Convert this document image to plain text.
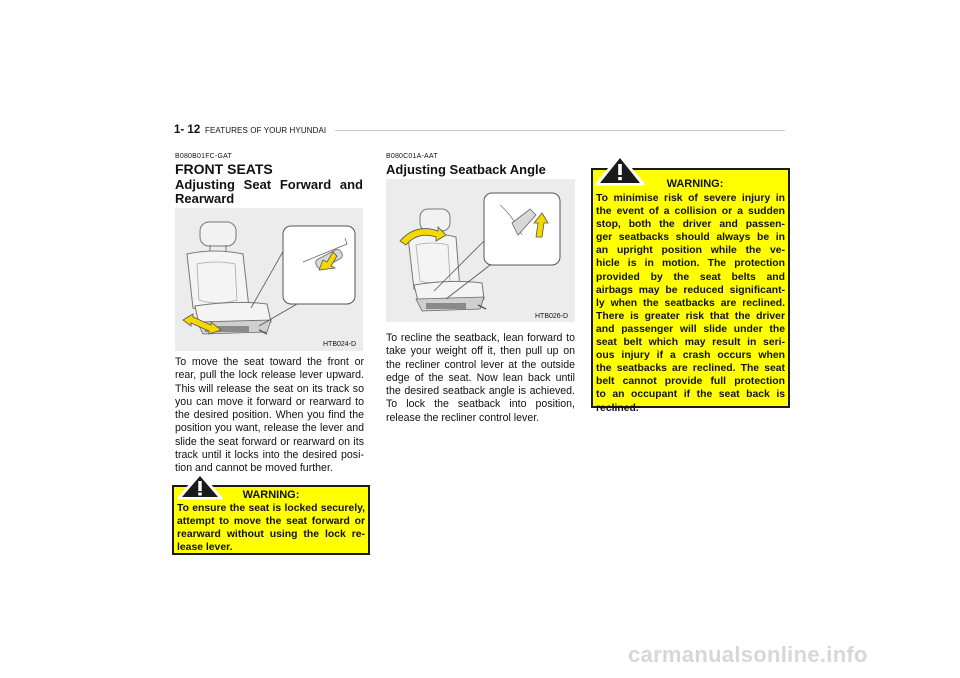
1- 12 FEATURES OF YOUR HYUNDAI
B080B01FC-GAT
FRONT SEATS
Adjusting Seat Forward and
Rearward
HTB024-D
To move the seat toward the front or
rear, pull the lock release lever upward.
This will release the seat on its track so
you can move it forward or rearward to
the desired position. When you find the
position you want, release the lever and
slide the seat forward or rearward on its
track until it locks into the desired posi-
tion and cannot be moved further.
WARNING:
To ensure the seat is locked securely,
attempt to move the seat forward or
rearward without using the lock re-
lease lever.
B080C01A-AAT
Adjusting Seatback Angle
HTB026-D
To recline the seatback, lean forward to
take your weight off it, then pull up on
the recliner control lever at the outside
edge of the seat. Now lean back until
the desired seatback angle is achieved.
To lock the seatback into position,
release the recliner control lever.
WARNING:
To minimise risk of severe injury in
the event of a collision or a sudden
stop, both the driver and passen-
ger seatbacks should always be in
an upright position while the ve-
hicle is in motion. The protection
provided by the seat belts and
airbags may be reduced significant-
ly when the seatbacks are reclined.
There is greater risk that the driver
and passenger will slide under the
seat belt which may result in seri-
ous injury if a crash occurs when
the seatbacks are reclined. The seat
belt cannot provide full protection
to an occupant if the seat back is
reclined.
carmanualsonline.info
